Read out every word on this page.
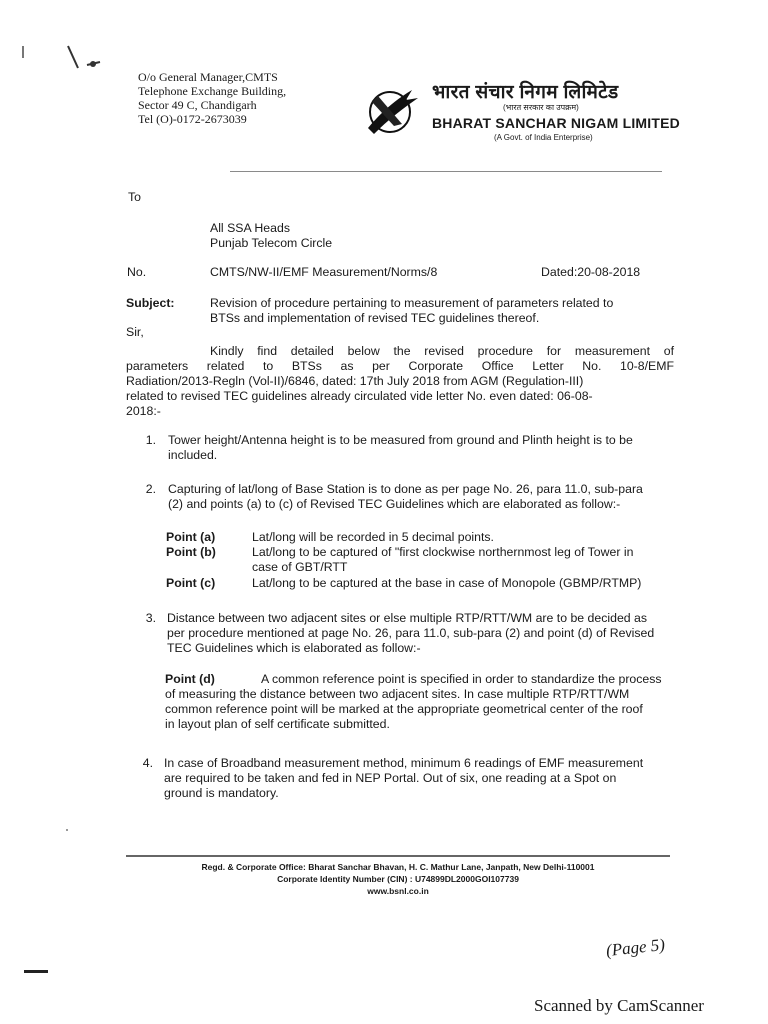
O/o General Manager,CMTS
Telephone Exchange Building,
Sector 49 C, Chandigarh
Tel (O)-0172-2673039
भारत संचार निगम लिमिटेड
(भारत सरकार का उपक्रम)
BHARAT SANCHAR NIGAM LIMITED
(A Govt. of India Enterprise)
To
All SSA Heads
Punjab Telecom Circle
No.	CMTS/NW-II/EMF Measurement/Norms/8	Dated:20-08-2018
Subject:	Revision of procedure pertaining to measurement of parameters related to
BTSs and implementation of revised TEC guidelines thereof.
Sir,
Kindly find detailed below the revised procedure for measurement of
parameters related to BTSs as per Corporate Office Letter No. 10-8/EMF
Radiation/2013-Regln (Vol-II)/6846, dated: 17th July 2018 from AGM (Regulation-III)
related to revised TEC guidelines already circulated vide letter No. even dated: 06-08-
2018:-
1. Tower height/Antenna height is to be measured from ground and Plinth height is to be
included.
2. Capturing of lat/long of Base Station is to done as per page No. 26, para 11.0, sub-para
(2) and points (a) to (c) of Revised TEC Guidelines which are elaborated as follow:-
Point (a)	Lat/long will be recorded in 5 decimal points.
Point (b)	Lat/long to be captured of "first clockwise northernmost leg of Tower in
case of GBT/RTT
Point (c)	Lat/long to be captured at the base in case of Monopole (GBMP/RTMP)
3. Distance between two adjacent sites or else multiple RTP/RTT/WM are to be decided as
per procedure mentioned at page No. 26, para 11.0, sub-para (2) and point (d) of Revised
TEC Guidelines which is elaborated as follow:-
Point (d)	A common reference point is specified in order to standardize the process
of measuring the distance between two adjacent sites. In case multiple RTP/RTT/WM
common reference point will be marked at the appropriate geometrical center of the roof
in layout plan of self certificate submitted.
4. In case of Broadband measurement method, minimum 6 readings of EMF measurement
are required to be taken and fed in NEP Portal. Out of six, one reading at a Spot on
ground is mandatory.
Regd. & Corporate Office: Bharat Sanchar Bhavan, H. C. Mathur Lane, Janpath, New Delhi-110001
Corporate Identity Number (CIN) : U74899DL2000GOI107739
www.bsnl.co.in
(Page 5)
Scanned by CamScanner
